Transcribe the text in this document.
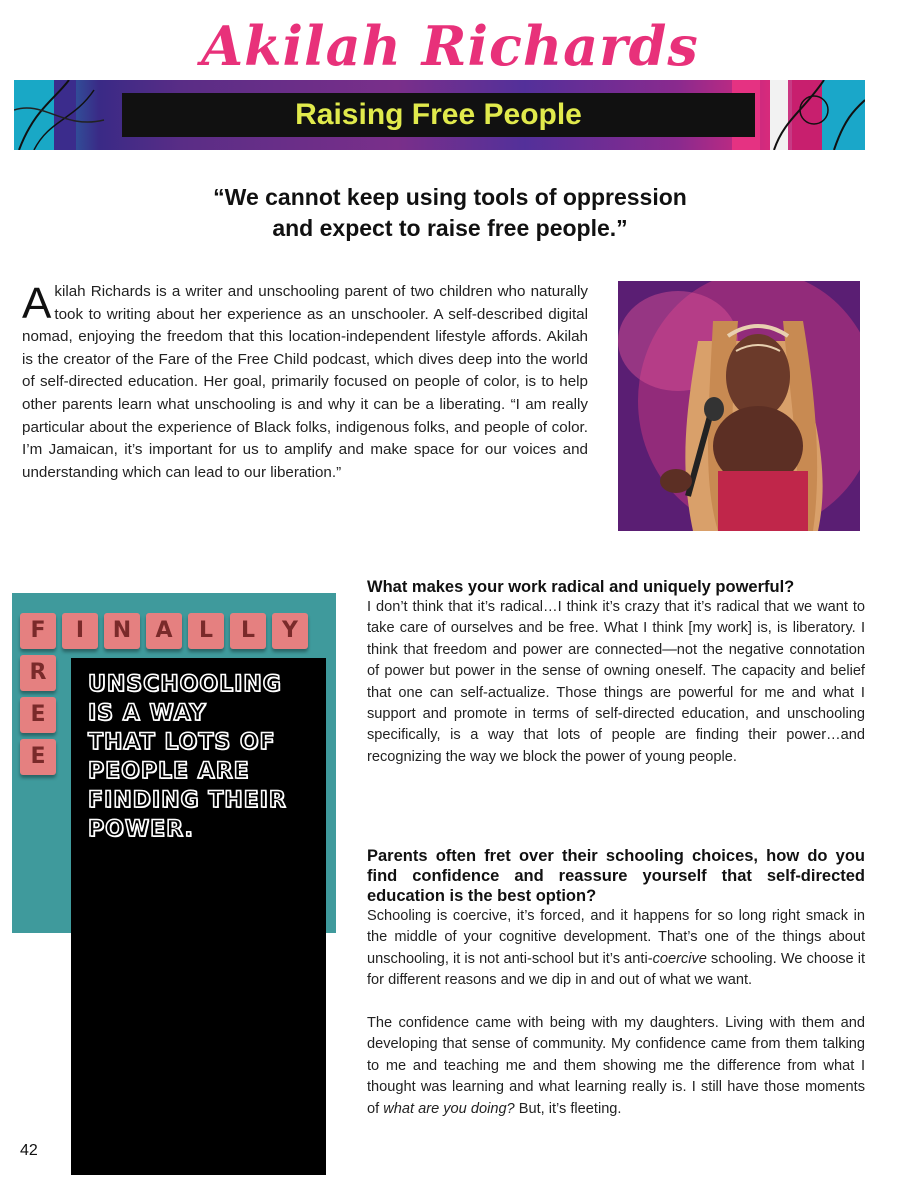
Akilah Richards
Raising Free People
“We cannot keep using tools of oppression
and expect to raise free people.”
Akilah Richards is a writer and unschooling parent of two children who naturally took to writing about her experience as an unschooler. A self-described digital nomad, enjoying the freedom that this location-independent lifestyle affords. Akilah is the creator of the Fare of the Free Child podcast, which dives deep into the world of self-directed education. Her goal, primarily focused on people of color, is to help other parents learn what unschooling is and why it can be a liberating. “I am really particular about the experience of Black folks, indigenous folks, and people of color. I’m Jamaican, it’s important for us to amplify and make space for our voices and understanding which can lead to our liberation.”
F	I	N	A	L	L	Y
R
E
E
UNSCHOOLING
IS A WAY
THAT LOTS OF
PEOPLE ARE
FINDING THEIR
POWER.
What makes your work radical and uniquely powerful?

I don’t think that it’s radical…I think it’s crazy that it’s radical that we want to take care of ourselves and be free. What I think [my work] is, is liberatory. I think that freedom and power are connected—not the negative connotation of power but power in the sense of owning oneself. The capacity and belief that one can self-actualize. Those things are powerful for me and what I support and promote in terms of self-directed education, and unschooling specifically, is a way that lots of people are finding their power…and recognizing the way we block the power of young people.

Parents often fret over their schooling choices, how do you find confidence and reassure yourself that self-directed education is the best option?

Schooling is coercive, it’s forced, and it happens for so long right smack in the middle of your cognitive development. That’s one of the things about unschooling, it is not anti-school but it’s anti-coercive schooling. We choose it for different reasons and we dip in and out of what we want.

The confidence came with being with my daughters. Living with them and developing that sense of community. My confidence came from them talking to me and teaching me and them showing me the difference from what I thought was learning and what learning really is. I still have those moments of what are you doing? But, it’s fleeting.

42
